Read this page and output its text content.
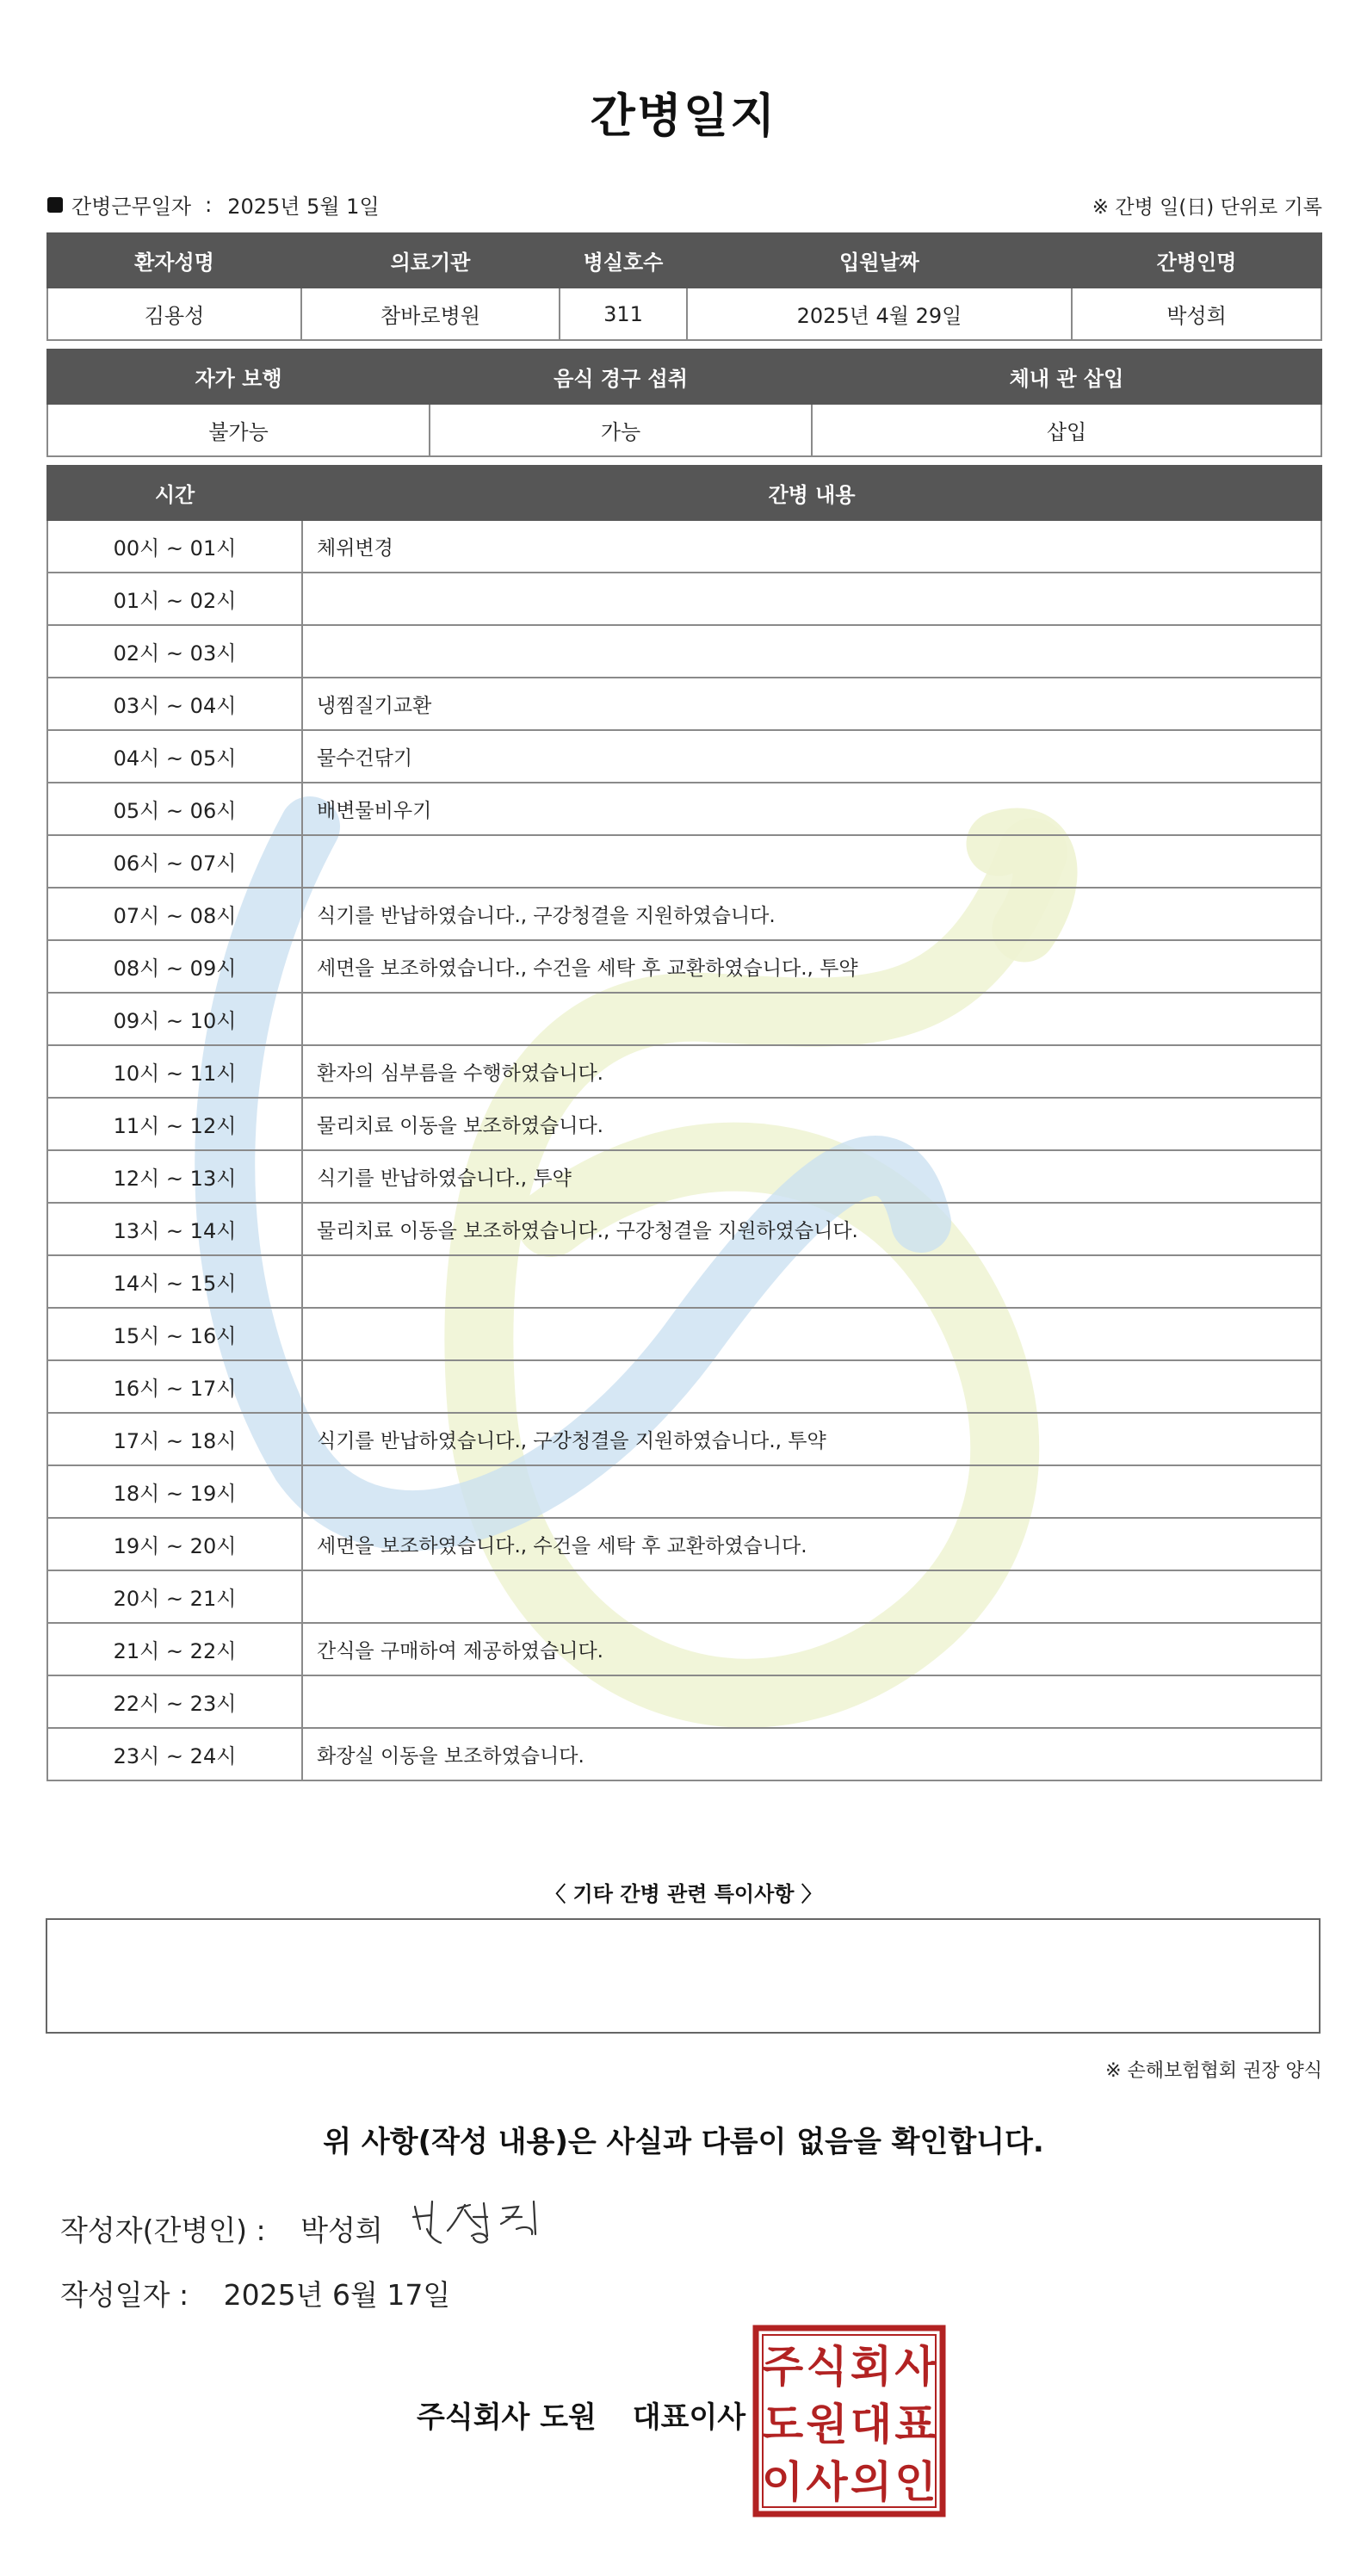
간병일지
간병근무일자 : 2025년 5월 1일	※ 간병 일(日) 단위로 기록
환자성명	의료기관	병실호수	입원날짜	간병인명
김용성	참바로병원	311	2025년 4월 29일	박성희
자가 보행	음식 경구 섭취	체내 관 삽입
불가능	가능	삽입
시간	간병 내용
00시 ~ 01시	체위변경
01시 ~ 02시	
02시 ~ 03시	
03시 ~ 04시	냉찜질기교환
04시 ~ 05시	물수건닦기
05시 ~ 06시	배변물비우기
06시 ~ 07시	
07시 ~ 08시	식기를 반납하였습니다., 구강청결을 지원하였습니다.
08시 ~ 09시	세면을 보조하였습니다., 수건을 세탁 후 교환하였습니다., 투약
09시 ~ 10시	
10시 ~ 11시	환자의 심부름을 수행하였습니다.
11시 ~ 12시	물리치료 이동을 보조하였습니다.
12시 ~ 13시	식기를 반납하였습니다., 투약
13시 ~ 14시	물리치료 이동을 보조하였습니다., 구강청결을 지원하였습니다.
14시 ~ 15시	
15시 ~ 16시	
16시 ~ 17시	
17시 ~ 18시	식기를 반납하였습니다., 구강청결을 지원하였습니다., 투약
18시 ~ 19시	
19시 ~ 20시	세면을 보조하였습니다., 수건을 세탁 후 교환하였습니다.
20시 ~ 21시	
21시 ~ 22시	간식을 구매하여 제공하였습니다.
22시 ~ 23시	
23시 ~ 24시	화장실 이동을 보조하였습니다.
〈 기타 간병 관련 특이사항 〉
※ 손해보험협회 권장 양식
위 사항(작성 내용)은 사실과 다름이 없음을 확인합니다.
작성자(간병인) : 박성희
작성일자 : 2025년 6월 17일
주식회사 도원 대표이사
주 식 회 사
도 원 대 표
이 사 의 인
